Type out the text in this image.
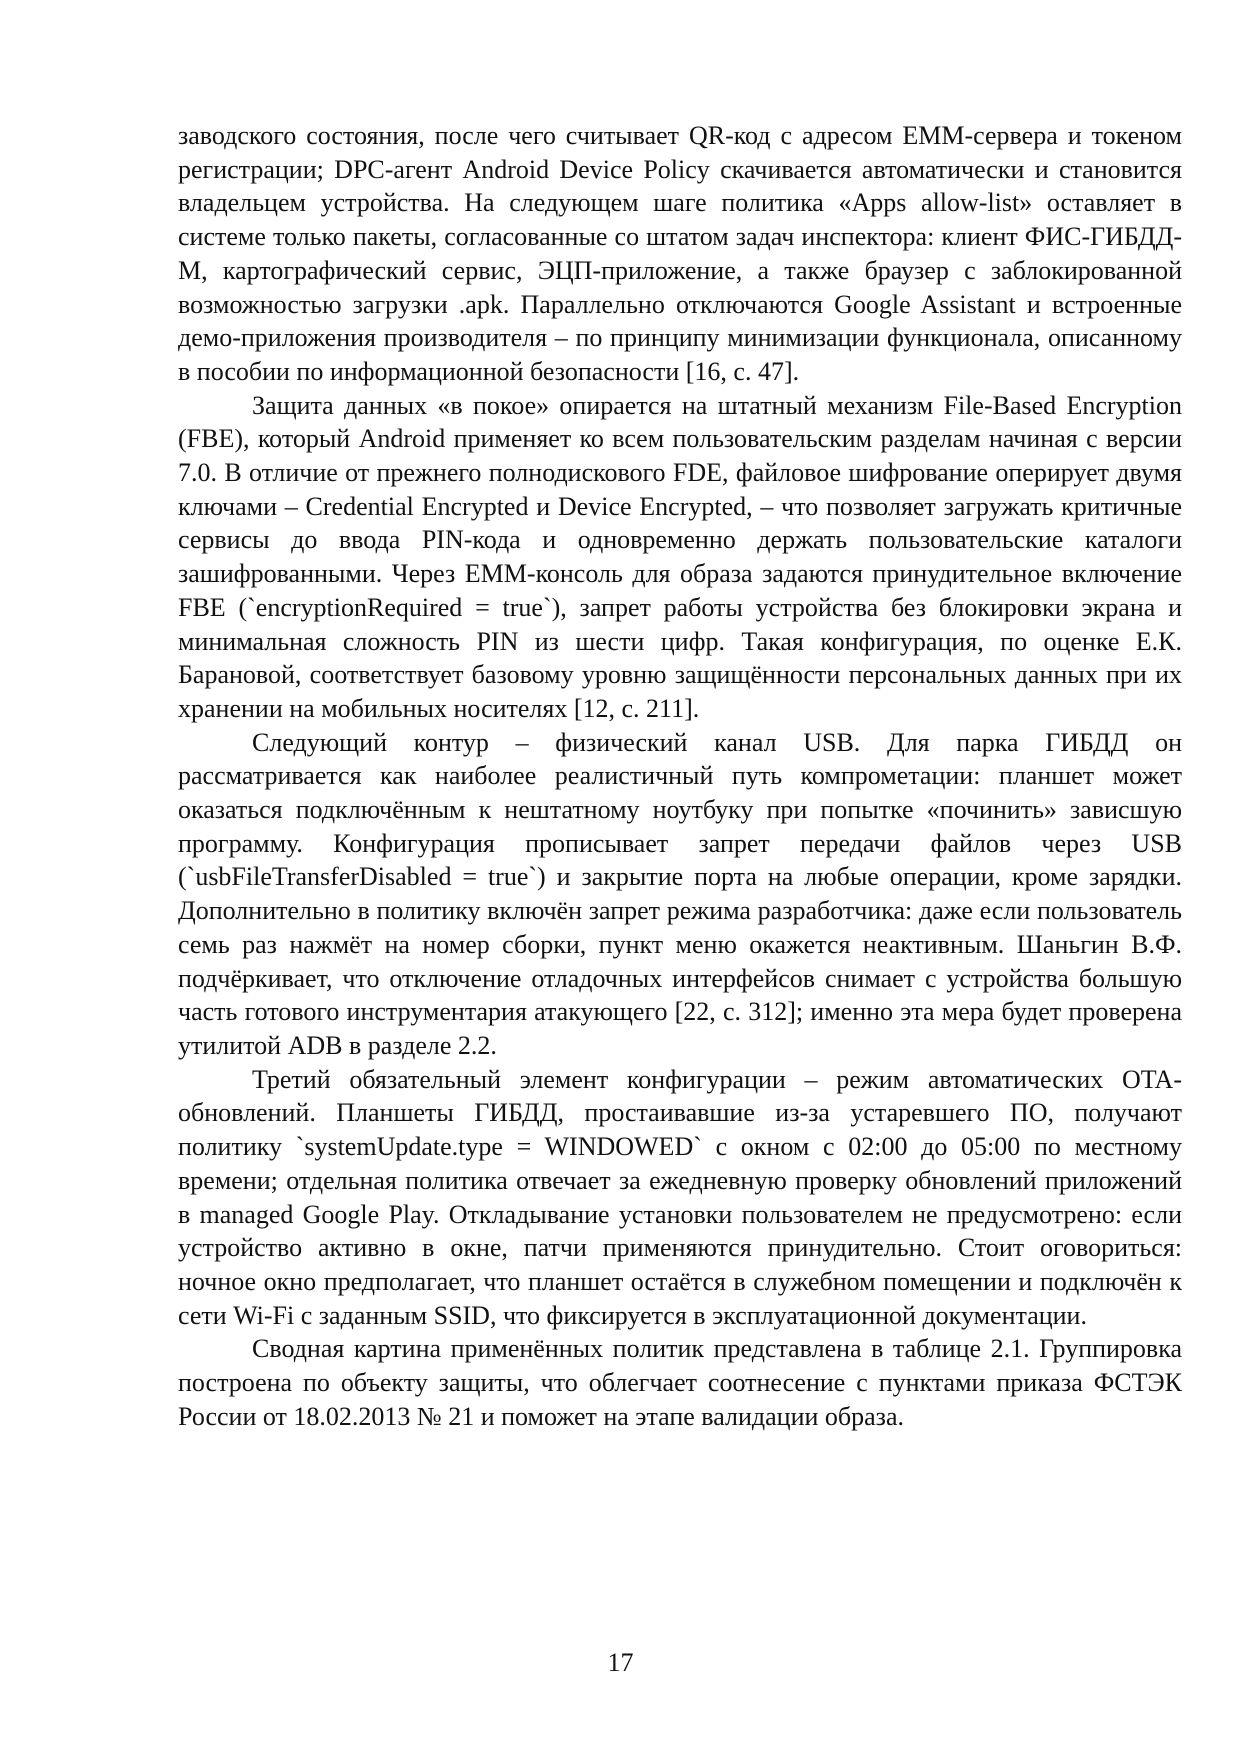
заводского состояния, после чего считывает QR-код с адресом EMM-сервера и токеном регистрации; DPC-агент Android Device Policy скачивается автоматически и становится владельцем устройства. На следующем шаге политика «Apps allow-list» оставляет в системе только пакеты, согласованные со штатом задач инспектора: клиент ФИС-ГИБДД-М, картографический сервис, ЭЦП-приложение, а также браузер с заблокированной возможностью загрузки .apk. Параллельно отключаются Google Assistant и встроенные демо-приложения производителя – по принципу минимизации функционала, описанному в пособии по информационной безопасности [16, с. 47].

Защита данных «в покое» опирается на штатный механизм File-Based Encryption (FBE), который Android применяет ко всем пользовательским разделам начиная с версии 7.0. В отличие от прежнего полнодискового FDE, файловое шифрование оперирует двумя ключами – Credential Encrypted и Device Encrypted, – что позволяет загружать критичные сервисы до ввода PIN-кода и одновременно держать пользовательские каталоги зашифрованными. Через EMM-консоль для образа задаются принудительное включение FBE (`encryptionRequired = true`), запрет работы устройства без блокировки экрана и минимальная сложность PIN из шести цифр. Такая конфигурация, по оценке Е.К. Барановой, соответствует базовому уровню защищённости персональных данных при их хранении на мобильных носителях [12, с. 211].

Следующий контур – физический канал USB. Для парка ГИБДД он рассматривается как наиболее реалистичный путь компрометации: планшет может оказаться подключённым к нештатному ноутбуку при попытке «починить» зависшую программу. Конфигурация прописывает запрет передачи файлов через USB (`usbFileTransferDisabled = true`) и закрытие порта на любые операции, кроме зарядки. Дополнительно в политику включён запрет режима разработчика: даже если пользователь семь раз нажмёт на номер сборки, пункт меню окажется неактивным. Шаньгин В.Ф. подчёркивает, что отключение отладочных интерфейсов снимает с устройства большую часть готового инструментария атакующего [22, с. 312]; именно эта мера будет проверена утилитой ADB в разделе 2.2.

Третий обязательный элемент конфигурации – режим автоматических OTA-обновлений. Планшеты ГИБДД, простаивавшие из-за устаревшего ПО, получают политику `systemUpdate.type = WINDOWED` с окном с 02:00 до 05:00 по местному времени; отдельная политика отвечает за ежедневную проверку обновлений приложений в managed Google Play. Откладывание установки пользователем не предусмотрено: если устройство активно в окне, патчи применяются принудительно. Стоит оговориться: ночное окно предполагает, что планшет остаётся в служебном помещении и подключён к сети Wi-Fi с заданным SSID, что фиксируется в эксплуатационной документации.

Сводная картина применённых политик представлена в таблице 2.1. Группировка построена по объекту защиты, что облегчает соотнесение с пунктами приказа ФСТЭК России от 18.02.2013 № 21 и поможет на этапе валидации образа.

17
